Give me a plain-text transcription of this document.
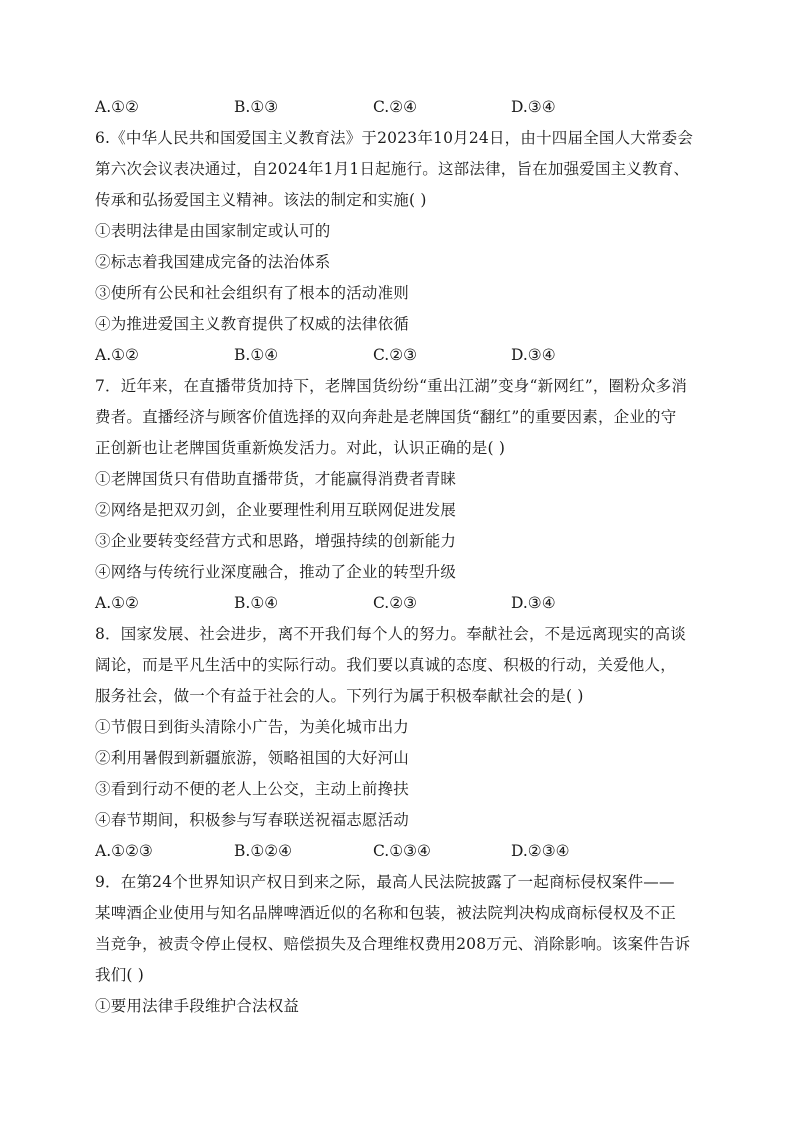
A.①②	B.①③	C.②④	D.③④
6.《中华人民共和国爱国主义教育法》于2023年10月24日，由十四届全国人大常委会
第六次会议表决通过，自2024年1月1日起施行。这部法律，旨在加强爱国主义教育、
传承和弘扬爱国主义精神。该法的制定和实施( )
①表明法律是由国家制定或认可的
②标志着我国建成完备的法治体系
③使所有公民和社会组织有了根本的活动准则
④为推进爱国主义教育提供了权威的法律依循
A.①②	B.①④	C.②③	D.③④
7．近年来，在直播带货加持下，老牌国货纷纷“重出江湖”变身“新网红”，圈粉众多消
费者。直播经济与顾客价值选择的双向奔赴是老牌国货“翻红”的重要因素，企业的守
正创新也让老牌国货重新焕发活力。对此，认识正确的是( )
①老牌国货只有借助直播带货，才能赢得消费者青睐
②网络是把双刃剑，企业要理性利用互联网促进发展
③企业要转变经营方式和思路，增强持续的创新能力
④网络与传统行业深度融合，推动了企业的转型升级
A.①②	B.①④	C.②③	D.③④
8．国家发展、社会进步，离不开我们每个人的努力。奉献社会，不是远离现实的高谈
阔论，而是平凡生活中的实际行动。我们要以真诚的态度、积极的行动，关爱他人，
服务社会，做一个有益于社会的人。下列行为属于积极奉献社会的是( )
①节假日到街头清除小广告，为美化城市出力
②利用暑假到新疆旅游，领略祖国的大好河山
③看到行动不便的老人上公交，主动上前搀扶
④春节期间，积极参与写春联送祝福志愿活动
A.①②③	B.①②④	C.①③④	D.②③④
9．在第24个世界知识产权日到来之际，最高人民法院披露了一起商标侵权案件——
某啤酒企业使用与知名品牌啤酒近似的名称和包装，被法院判决构成商标侵权及不正
当竞争，被责令停止侵权、赔偿损失及合理维权费用208万元、消除影响。该案件告诉
我们( )
①要用法律手段维护合法权益
